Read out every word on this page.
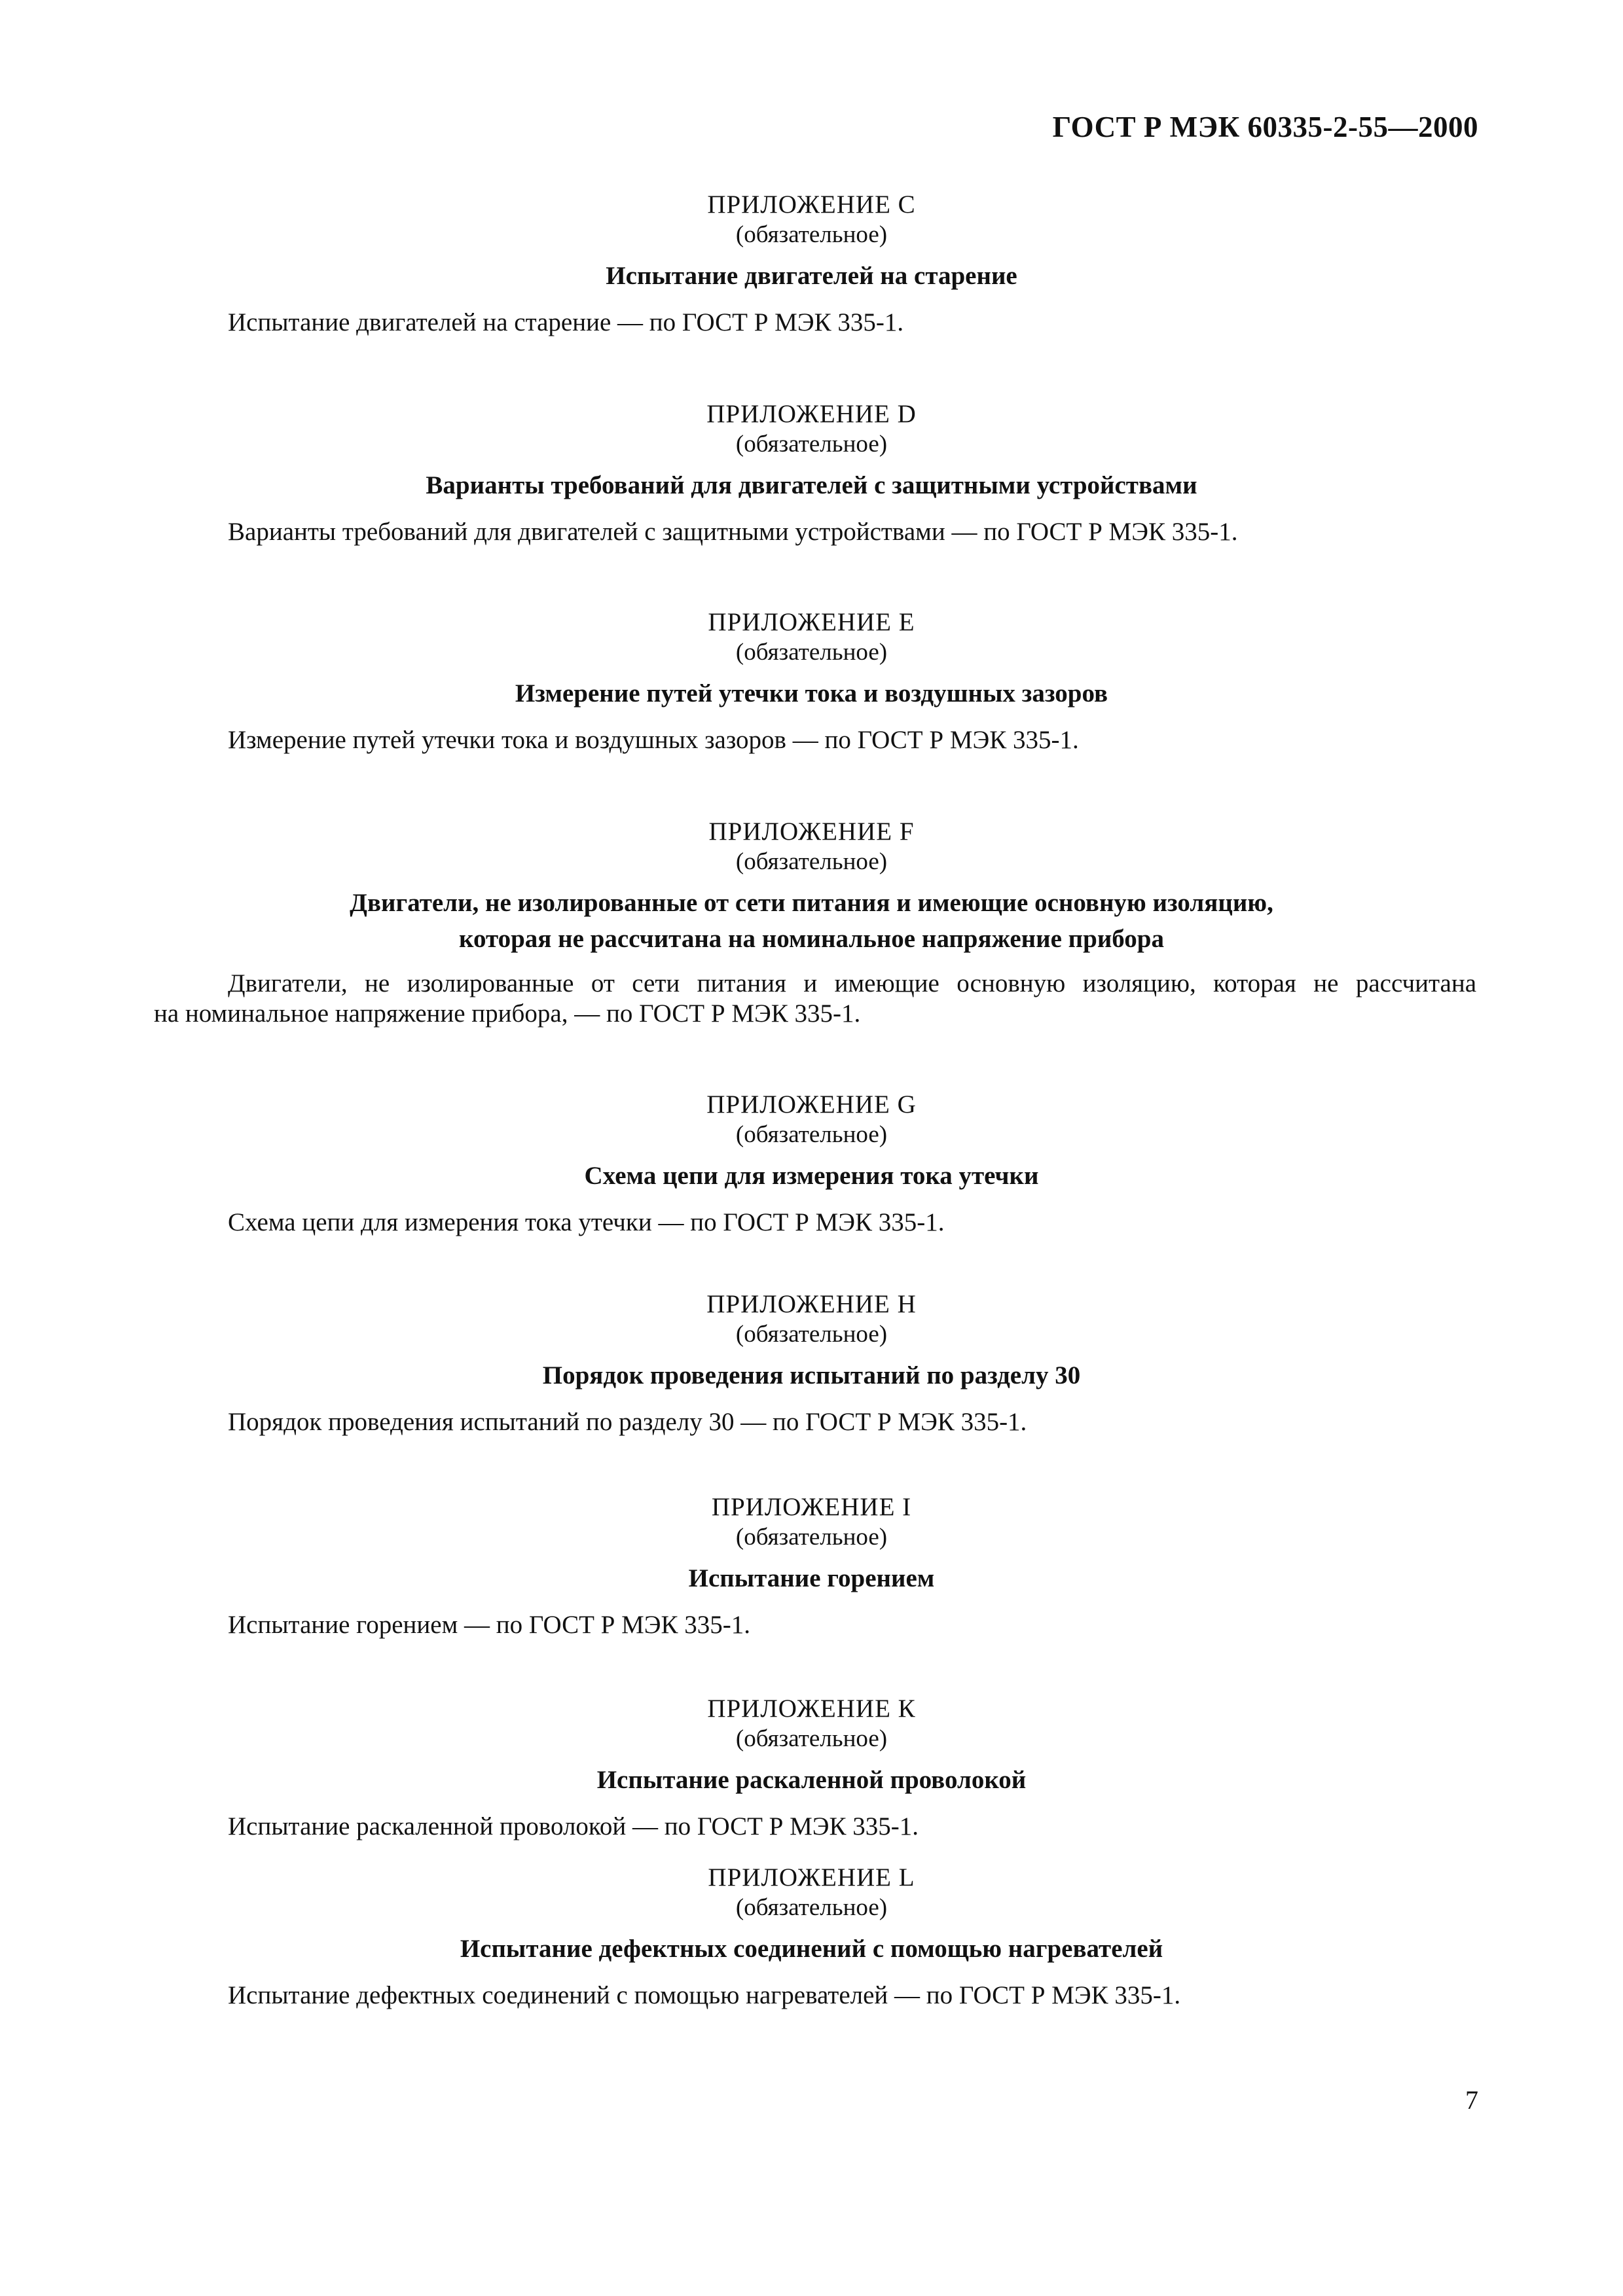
ГОСТ Р МЭК 60335-2-55—2000
ПРИЛОЖЕНИЕ С
(обязательное)
Испытание двигателей на старение
Испытание двигателей на старение — по ГОСТ Р МЭК 335-1.
ПРИЛОЖЕНИЕ D
(обязательное)
Варианты требований для двигателей с защитными устройствами
Варианты требований для двигателей с защитными устройствами — по ГОСТ Р МЭК 335-1.
ПРИЛОЖЕНИЕ Е
(обязательное)
Измерение путей утечки тока и воздушных зазоров
Измерение путей утечки тока и воздушных зазоров — по ГОСТ Р МЭК 335-1.
ПРИЛОЖЕНИЕ F
(обязательное)
Двигатели, не изолированные от сети питания и имеющие основную изоляцию,
которая не рассчитана на номинальное напряжение прибора
Двигатели, не изолированные от сети питания и имеющие основную изоляцию, которая не рассчитана
на номинальное напряжение прибора, — по ГОСТ Р МЭК 335-1.
ПРИЛОЖЕНИЕ G
(обязательное)
Схема цепи для измерения тока утечки
Схема цепи для измерения тока утечки — по ГОСТ Р МЭК 335-1.
ПРИЛОЖЕНИЕ Н
(обязательное)
Порядок проведения испытаний по разделу 30
Порядок проведения испытаний по разделу 30 — по ГОСТ Р МЭК 335-1.
ПРИЛОЖЕНИЕ I
(обязательное)
Испытание горением
Испытание горением — по ГОСТ Р МЭК 335-1.
ПРИЛОЖЕНИЕ К
(обязательное)
Испытание раскаленной проволокой
Испытание раскаленной проволокой — по ГОСТ Р МЭК 335-1.
ПРИЛОЖЕНИЕ L
(обязательное)
Испытание дефектных соединений с помощью нагревателей
Испытание дефектных соединений с помощью нагревателей — по ГОСТ Р МЭК 335-1.
7
